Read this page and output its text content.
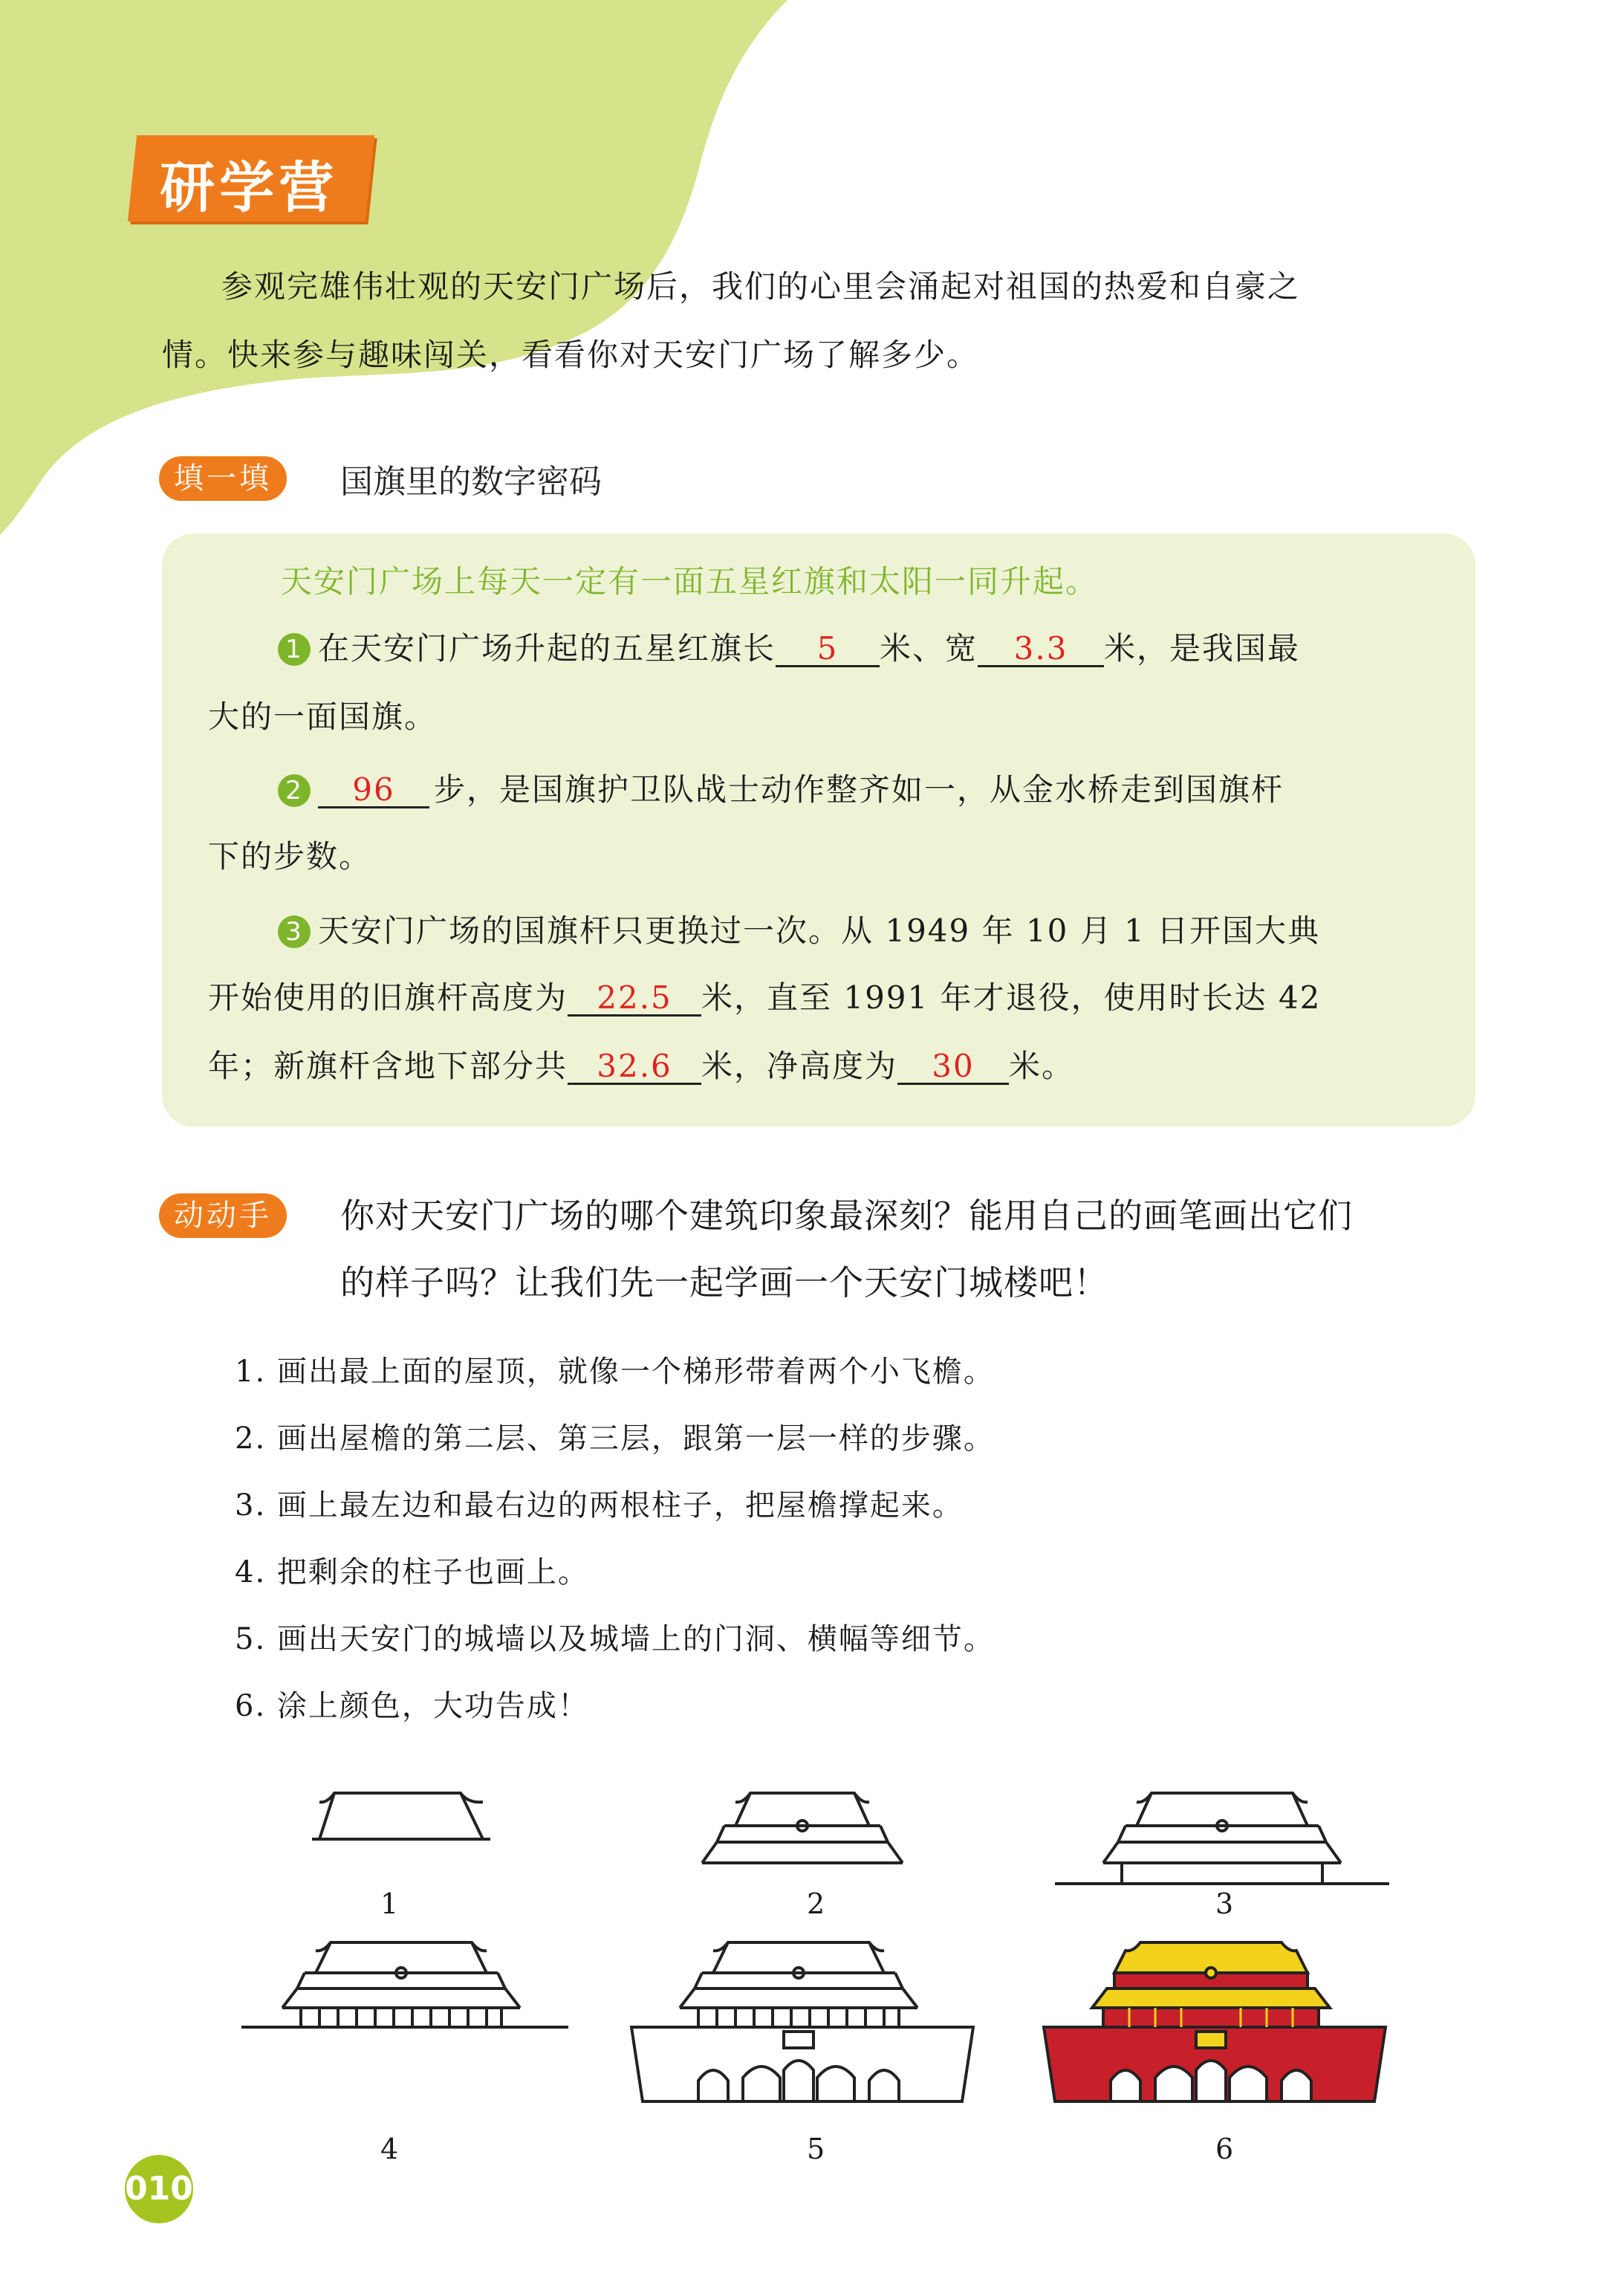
研学营
参观完雄伟壮观的天安门广场后，我们的心里会涌起对祖国的热爱和自豪之
情。快来参与趣味闯关，看看你对天安门广场了解多少。
填一填	国旗里的数字密码
天安门广场上每天一定有一面五星红旗和太阳一同升起。
1 在天安门广场升起的五星红旗长 5 米、宽 3.3 米，是我国最
大的一面国旗。
2 96 步，是国旗护卫队战士动作整齐如一，从金水桥走到国旗杆
下的步数。
3 天安门广场的国旗杆只更换过一次。从 1949 年 10 月 1 日开国大典
开始使用的旧旗杆高度为 22.5 米，直至 1991 年才退役，使用时长达 42
年；新旗杆含地下部分共 32.6 米，净高度为 30 米。
动动手	你对天安门广场的哪个建筑印象最深刻？能用自己的画笔画出它们
的样子吗？让我们先一起学画一个天安门城楼吧！
1. 画出最上面的屋顶，就像一个梯形带着两个小飞檐。
2. 画出屋檐的第二层、第三层，跟第一层一样的步骤。
3. 画上最左边和最右边的两根柱子，把屋檐撑起来。
4. 把剩余的柱子也画上。
5. 画出天安门的城墙以及城墙上的门洞、横幅等细节。
6. 涂上颜色，大功告成！
1	2	3
4	5	6
010
